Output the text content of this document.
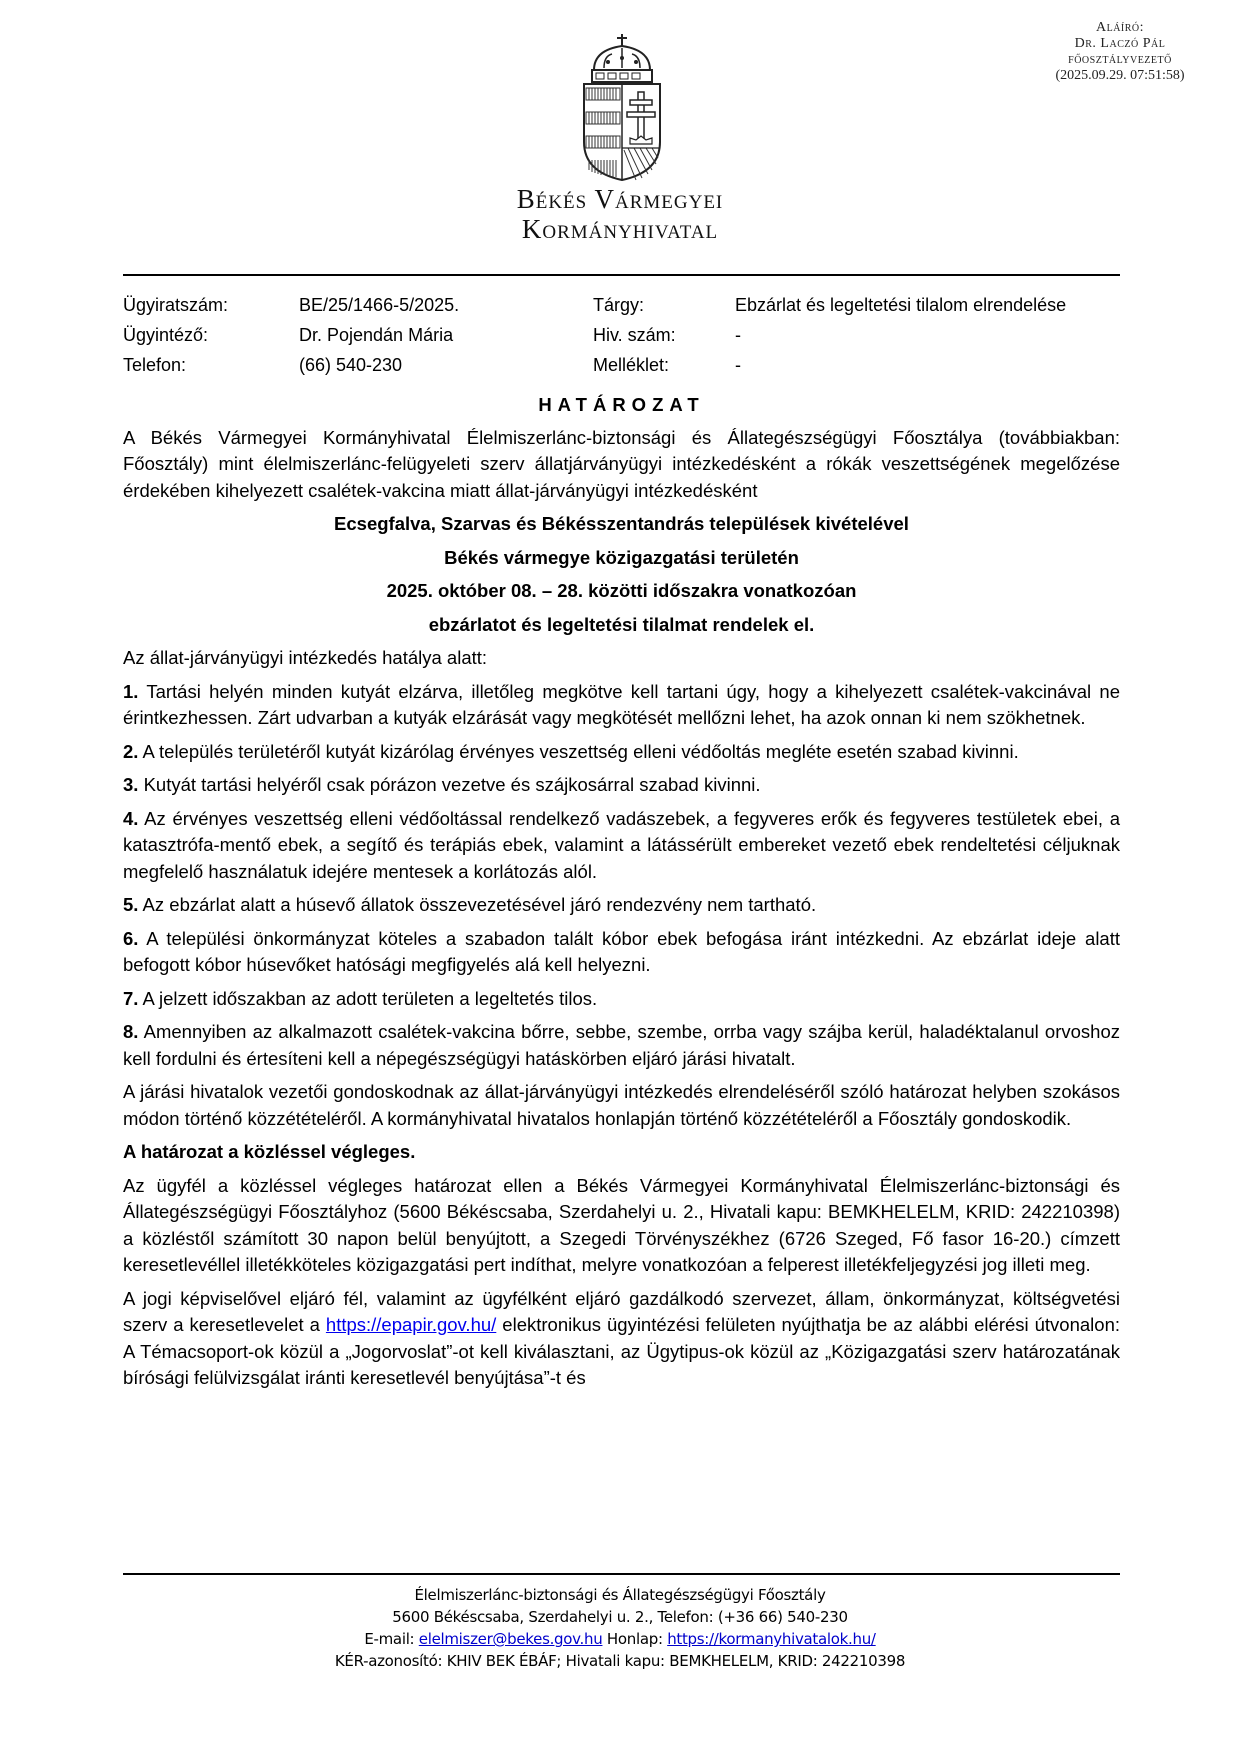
Aláíró:
Dr. Laczó Pál
főosztályvezető
(2025.09.29. 07:51:58)
Békés Vármegyei
Kormányhivatal
Ügyiratszám:	BE/25/1466-5/2025.	Tárgy:	Ebzárlat és legeltetési tilalom elrendelése
Ügyintéző:	Dr. Pojendán Mária	Hiv. szám:	-
Telefon:	(66) 540-230	Melléklet:	-
HATÁROZAT
A Békés Vármegyei Kormányhivatal Élelmiszerlánc-biztonsági és Állategészségügyi Főosztálya (továbbiakban: Főosztály) mint élelmiszerlánc-felügyeleti szerv állatjárványügyi intézkedésként a rókák veszettségének megelőzése érdekében kihelyezett csalétek-vakcina miatt állat-járványügyi intézkedésként
Ecsegfalva, Szarvas és Békésszentandrás települések kivételével
Békés vármegye közigazgatási területén
2025. október 08. – 28. közötti időszakra vonatkozóan
ebzárlatot és legeltetési tilalmat rendelek el.
Az állat-járványügyi intézkedés hatálya alatt:
1. Tartási helyén minden kutyát elzárva, illetőleg megkötve kell tartani úgy, hogy a kihelyezett csalétek-vakcinával ne érintkezhessen. Zárt udvarban a kutyák elzárását vagy megkötését mellőzni lehet, ha azok onnan ki nem szökhetnek.
2. A település területéről kutyát kizárólag érvényes veszettség elleni védőoltás megléte esetén szabad kivinni.
3. Kutyát tartási helyéről csak pórázon vezetve és szájkosárral szabad kivinni.
4. Az érvényes veszettség elleni védőoltással rendelkező vadászebek, a fegyveres erők és fegyveres testületek ebei, a katasztrófa-mentő ebek, a segítő és terápiás ebek, valamint a látássérült embereket vezető ebek rendeltetési céljuknak megfelelő használatuk idejére mentesek a korlátozás alól.
5. Az ebzárlat alatt a húsevő állatok összevezetésével járó rendezvény nem tartható.
6. A települési önkormányzat köteles a szabadon talált kóbor ebek befogása iránt intézkedni. Az ebzárlat ideje alatt befogott kóbor húsevőket hatósági megfigyelés alá kell helyezni.
7. A jelzett időszakban az adott területen a legeltetés tilos.
8. Amennyiben az alkalmazott csalétek-vakcina bőrre, sebbe, szembe, orrba vagy szájba kerül, haladéktalanul orvoshoz kell fordulni és értesíteni kell a népegészségügyi hatáskörben eljáró járási hivatalt.
A járási hivatalok vezetői gondoskodnak az állat-járványügyi intézkedés elrendeléséről szóló határozat helyben szokásos módon történő közzétételéről. A kormányhivatal hivatalos honlapján történő közzétételéről a Főosztály gondoskodik.
A határozat a közléssel végleges.
Az ügyfél a közléssel végleges határozat ellen a Békés Vármegyei Kormányhivatal Élelmiszerlánc-biztonsági és Állategészségügyi Főosztályhoz (5600 Békéscsaba, Szerdahelyi u. 2., Hivatali kapu: BEMKHELELM, KRID: 242210398) a közléstől számított 30 napon belül benyújtott, a Szegedi Törvényszékhez (6726 Szeged, Fő fasor 16-20.) címzett keresetlevéllel illetékköteles közigazgatási pert indíthat, melyre vonatkozóan a felperest illetékfeljegyzési jog illeti meg.
A jogi képviselővel eljáró fél, valamint az ügyfélként eljáró gazdálkodó szervezet, állam, önkormányzat, költségvetési szerv a keresetlevelet a https://epapir.gov.hu/ elektronikus ügyintézési felületen nyújthatja be az alábbi elérési útvonalon: A Témacsoport-ok közül a „Jogorvoslat”-ot kell kiválasztani, az Ügytipus-ok közül az „Közigazgatási szerv határozatának bírósági felülvizsgálat iránti keresetlevél benyújtása”-t és
Élelmiszerlánc-biztonsági és Állategészségügyi Főosztály
5600 Békéscsaba, Szerdahelyi u. 2., Telefon: (+36 66) 540-230
E-mail: elelmiszer@bekes.gov.hu Honlap: https://kormanyhivatalok.hu/
KÉR-azonosító: KHIV BEK ÉBÁF; Hivatali kapu: BEMKHELELM, KRID: 242210398
